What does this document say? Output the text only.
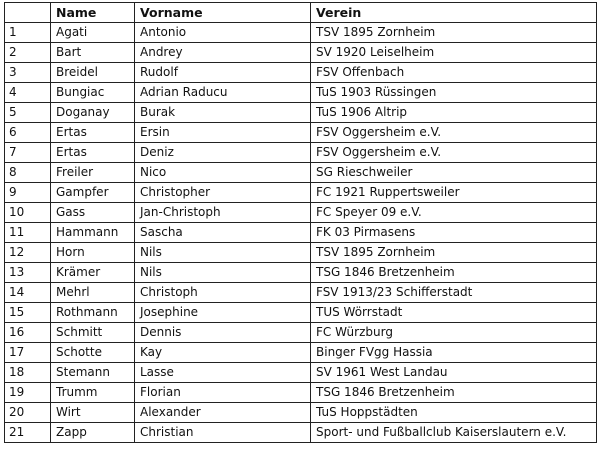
	Name	Vorname	Verein
1	Agati	Antonio	TSV 1895 Zornheim
2	Bart	Andrey	SV 1920 Leiselheim
3	Breidel	Rudolf	FSV Offenbach
4	Bungiac	Adrian Raducu	TuS 1903 Rüssingen
5	Doganay	Burak	TuS 1906 Altrip
6	Ertas	Ersin	FSV Oggersheim e.V.
7	Ertas	Deniz	FSV Oggersheim e.V.
8	Freiler	Nico	SG Rieschweiler
9	Gampfer	Christopher	FC 1921 Ruppertsweiler
10	Gass	Jan-Christoph	FC Speyer 09 e.V.
11	Hammann	Sascha	FK 03 Pirmasens
12	Horn	Nils	TSV 1895 Zornheim
13	Krämer	Nils	TSG 1846 Bretzenheim
14	Mehrl	Christoph	FSV 1913/23 Schifferstadt
15	Rothmann	Josephine	TUS Wörrstadt
16	Schmitt	Dennis	FC Würzburg
17	Schotte	Kay	Binger FVgg Hassia
18	Stemann	Lasse	SV 1961 West Landau
19	Trumm	Florian	TSG 1846 Bretzenheim
20	Wirt	Alexander	TuS Hoppstädten
21	Zapp	Christian	Sport- und Fußballclub Kaiserslautern e.V.
